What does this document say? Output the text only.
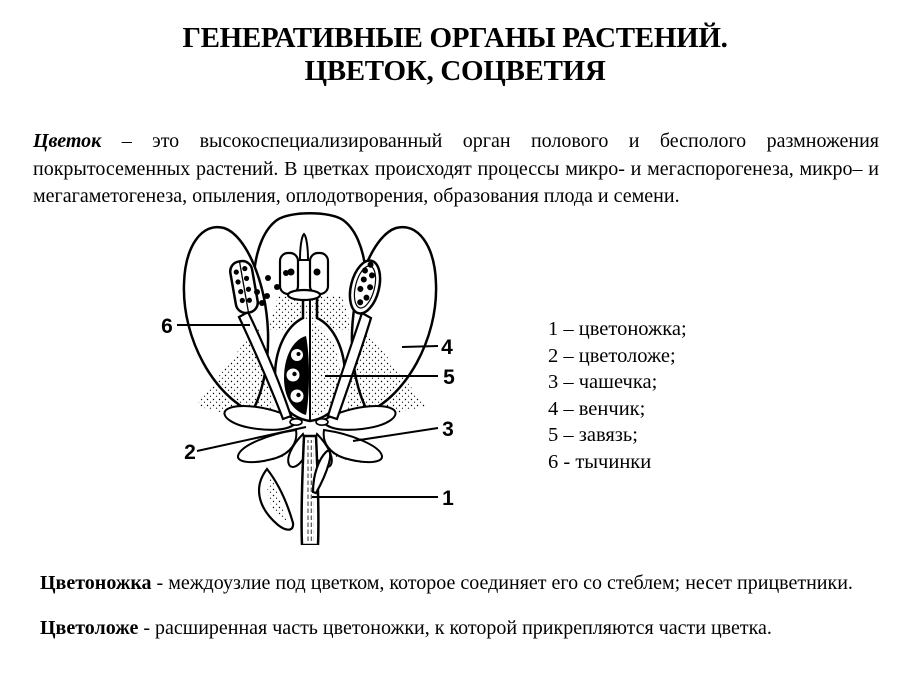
ГЕНЕРАТИВНЫЕ ОРГАНЫ РАСТЕНИЙ.
ЦВЕТОК, СОЦВЕТИЯ

Цветок – это высокоспециализированный орган полового и бесполого размножения покрытосеменных растений. В цветках происходят процессы микро- и мегаспорогенеза, микро– и мегагаметогенеза, опыления, оплодотворения, образования плода и семени.

1
2
3
4
5
6	1 – цветоножка;
2 – цветоложе;
3 – чашечка;
4 – венчик;
5 – завязь;
6 - тычинки

Цветоножка - междоузлие под цветком, которое соединяет его со стеблем; несет прицветники.

Цветоложе - расширенная часть цветоножки, к которой прикрепляются части цветка.
